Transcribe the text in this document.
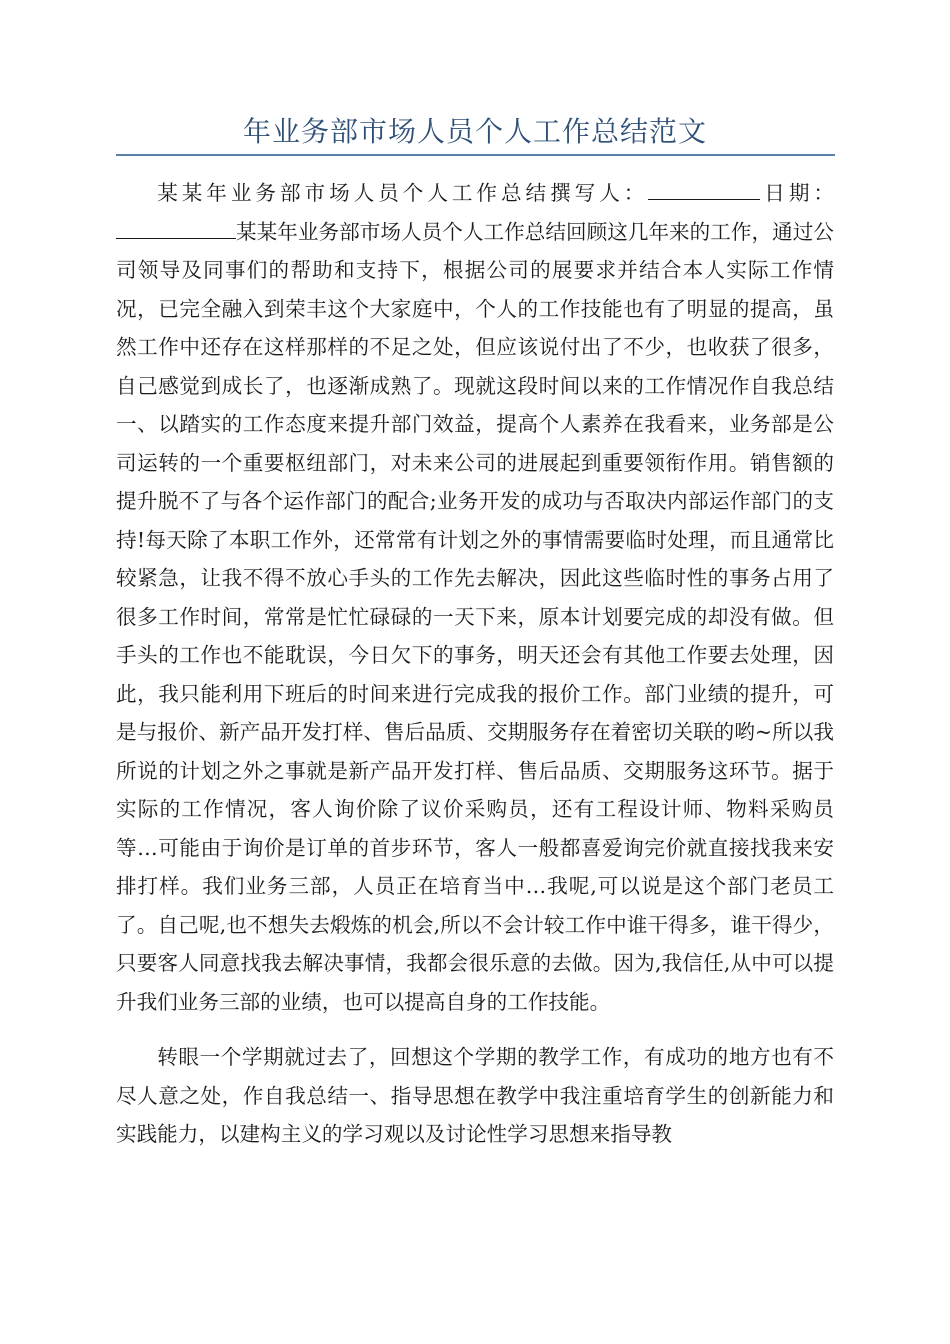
年业务部市场人员个人工作总结范文

某某年业务部市场人员个人工作总结撰写人：	日期：某某年业务部市场人员个人工作总结回顾这几年来的工作，通过公司领导及同事们的帮助和支持下，根据公司的展要求并结合本人实际工作情况，已完全融入到荣丰这个大家庭中，个人的工作技能也有了明显的提高，虽然工作中还存在这样那样的不足之处，但应该说付出了不少，也收获了很多，自己感觉到成长了，也逐渐成熟了。现就这段时间以来的工作情况作自我总结一、以踏实的工作态度来提升部门效益，提高个人素养在我看来，业务部是公司运转的一个重要枢纽部门，对未来公司的进展起到重要领衔作用。销售额的提升脱不了与各个运作部门的配合;业务开发的成功与否取决内部运作部门的支持!每天除了本职工作外，还常常有计划之外的事情需要临时处理，而且通常比较紧急，让我不得不放心手头的工作先去解决，因此这些临时性的事务占用了很多工作时间，常常是忙忙碌碌的一天下来，原本计划要完成的却没有做。但手头的工作也不能耽误，今日欠下的事务，明天还会有其他工作要去处理，因此，我只能利用下班后的时间来进行完成我的报价工作。部门业绩的提升，可是与报价、新产品开发打样、售后品质、交期服务存在着密切关联的哟~所以我所说的计划之外之事就是新产品开发打样、售后品质、交期服务这环节。据于实际的工作情况，客人询价除了议价采购员，还有工程设计师、物料采购员等…可能由于询价是订单的首步环节，客人一般都喜爱询完价就直接找我来安排打样。我们业务三部，人员正在培育当中…我呢,可以说是这个部门老员工了。自己呢,也不想失去煅炼的机会,所以不会计较工作中谁干得多，谁干得少，只要客人同意找我去解决事情，我都会很乐意的去做。因为,我信任,从中可以提升我们业务三部的业绩，也可以提高自身的工作技能。

转眼一个学期就过去了，回想这个学期的教学工作，有成功的地方也有不尽人意之处，作自我总结一、指导思想在教学中我注重培育学生的创新能力和实践能力，以建构主义的学习观以及讨论性学习思想来指导教
